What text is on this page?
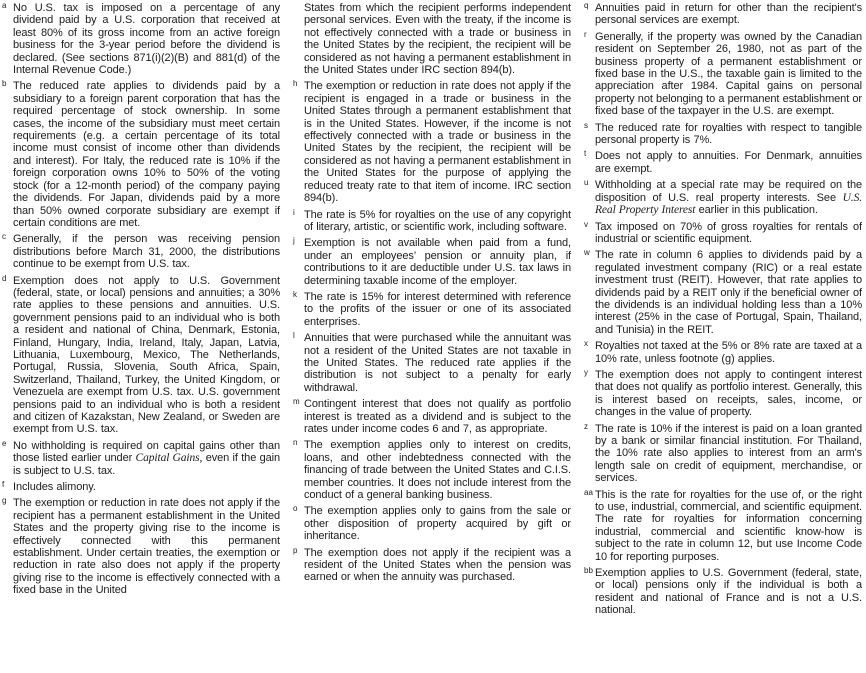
a No U.S. tax is imposed on a percentage of any dividend paid by a U.S. corporation that received at least 80% of its gross income from an active foreign business for the 3-year period before the dividend is declared. (See sections 871(i)(2)(B) and 881(d) of the Internal Revenue Code.)

b The reduced rate applies to dividends paid by a subsidiary to a foreign parent corporation that has the required percentage of stock ownership. In some cases, the income of the subsidiary must meet certain requirements (e.g. a certain percentage of its total income must consist of income other than dividends and interest). For Italy, the reduced rate is 10% if the foreign corporation owns 10% to 50% of the voting stock (for a 12-month period) of the company paying the dividends. For Japan, dividends paid by a more than 50% owned corporate subsidiary are exempt if certain conditions are met.

c Generally, if the person was receiving pension distributions before March 31, 2000, the distributions continue to be exempt from U.S. tax.

d Exemption does not apply to U.S. Government (federal, state, or local) pensions and annuities; a 30% rate applies to these pensions and annuities. U.S. government pensions paid to an individual who is both a resident and national of China, Denmark, Estonia, Finland, Hungary, India, Ireland, Italy, Japan, Latvia, Lithuania, Luxembourg, Mexico, The Netherlands, Portugal, Russia, Slovenia, South Africa, Spain, Switzerland, Thailand, Turkey, the United Kingdom, or Venezuela are exempt from U.S. tax. U.S. government pensions paid to an individual who is both a resident and citizen of Kazakstan, New Zealand, or Sweden are exempt from U.S. tax.

e No withholding is required on capital gains other than those listed earlier under Capital Gains, even if the gain is subject to U.S. tax.

f Includes alimony.

g The exemption or reduction in rate does not apply if the recipient has a permanent establishment in the United States and the property giving rise to the income is effectively connected with this permanent establishment. Under certain treaties, the exemption or reduction in rate also does not apply if the property giving rise to the income is effectively connected with a fixed base in the United

States from which the recipient performs independent personal services. Even with the treaty, if the income is not effectively connected with a trade or business in the United States by the recipient, the recipient will be considered as not having a permanent establishment in the United States under IRC section 894(b).

h The exemption or reduction in rate does not apply if the recipient is engaged in a trade or business in the United States through a permanent establishment that is in the United States. However, if the income is not effectively connected with a trade or business in the United States by the recipient, the recipient will be considered as not having a permanent establishment in the United States for the purpose of applying the reduced treaty rate to that item of income. IRC section 894(b).

i The rate is 5% for royalties on the use of any copyright of literary, artistic, or scientific work, including software.

j Exemption is not available when paid from a fund, under an employees’ pension or annuity plan, if contributions to it are deductible under U.S. tax laws in determining taxable income of the employer.

k The rate is 15% for interest determined with reference to the profits of the issuer or one of its associated enterprises.

l Annuities that were purchased while the annuitant was not a resident of the United States are not taxable in the United States. The reduced rate applies if the distribution is not subject to a penalty for early withdrawal.

m Contingent interest that does not qualify as portfolio interest is treated as a dividend and is subject to the rates under income codes 6 and 7, as appropriate.

n The exemption applies only to interest on credits, loans, and other indebtedness connected with the financing of trade between the United States and C.I.S. member countries. It does not include interest from the conduct of a general banking business.

o The exemption applies only to gains from the sale or other disposition of property acquired by gift or inheritance.

p The exemption does not apply if the recipient was a resident of the United States when the pension was earned or when the annuity was purchased.

q Annuities paid in return for other than the recipient's personal services are exempt.

r Generally, if the property was owned by the Canadian resident on September 26, 1980, not as part of the business property of a permanent establishment or fixed base in the U.S., the taxable gain is limited to the appreciation after 1984. Capital gains on personal property not belonging to a permanent establishment or fixed base of the taxpayer in the U.S. are exempt.

s The reduced rate for royalties with respect to tangible personal property is 7%.

t Does not apply to annuities. For Denmark, annuities are exempt.

u Withholding at a special rate may be required on the disposition of U.S. real property interests. See U.S. Real Property Interest earlier in this publication.

v Tax imposed on 70% of gross royalties for rentals of industrial or scientific equipment.

w The rate in column 6 applies to dividends paid by a regulated investment company (RIC) or a real estate investment trust (REIT). However, that rate applies to dividends paid by a REIT only if the beneficial owner of the dividends is an individual holding less than a 10% interest (25% in the case of Portugal, Spain, Thailand, and Tunisia) in the REIT.

x Royalties not taxed at the 5% or 8% rate are taxed at a 10% rate, unless footnote (g) applies.

y The exemption does not apply to contingent interest that does not qualify as portfolio interest. Generally, this is interest based on receipts, sales, income, or changes in the value of property.

z The rate is 10% if the interest is paid on a loan granted by a bank or similar financial institution. For Thailand, the 10% rate also applies to interest from an arm's length sale on credit of equipment, merchandise, or services.

aa This is the rate for royalties for the use of, or the right to use, industrial, commercial, and scientific equipment. The rate for royalties for information concerning industrial, commercial and scientific know-how is subject to the rate in column 12, but use Income Code 10 for reporting purposes.

bb Exemption applies to U.S. Government (federal, state, or local) pensions only if the individual is both a resident and national of France and is not a U.S. national.
